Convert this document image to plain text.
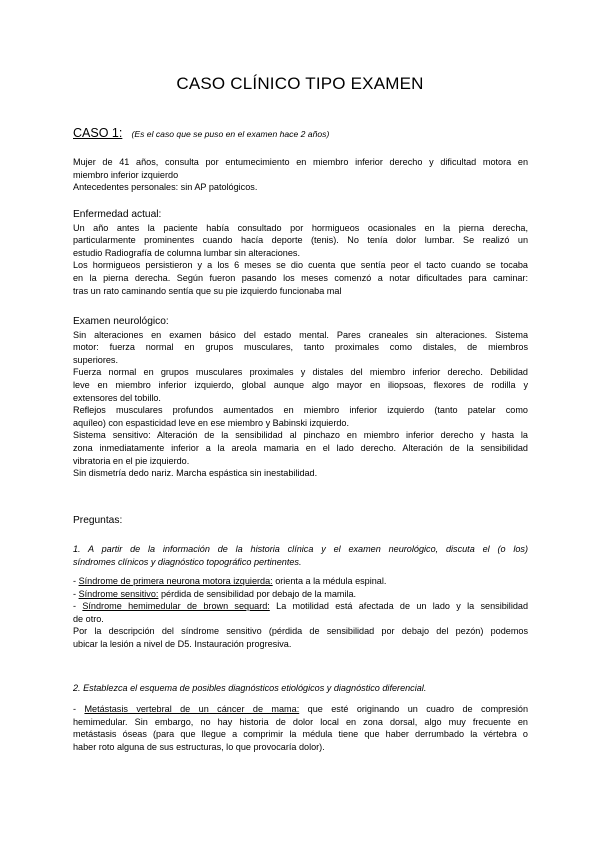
CASO CLÍNICO TIPO EXAMEN
CASO 1: (Es el caso que se puso en el examen hace 2 años)
Mujer de 41 años, consulta por entumecimiento en miembro inferior derecho y dificultad motora en
miembro inferior izquierdo
Antecedentes personales: sin AP patológicos.
Enfermedad actual:
Un año antes la paciente había consultado por hormigueos ocasionales en la pierna derecha,
particularmente prominentes cuando hacía deporte (tenis). No tenía dolor lumbar. Se realizó un
estudio Radiografía de columna lumbar sin alteraciones.
Los hormigueos persistieron y a los 6 meses se dio cuenta que sentía peor el tacto cuando se tocaba
en la pierna derecha. Según fueron pasando los meses comenzó a notar dificultades para caminar:
tras un rato caminando sentía que su pie izquierdo funcionaba mal
Examen neurológico:
Sin alteraciones en examen básico del estado mental. Pares craneales sin alteraciones. Sistema
motor: fuerza normal en grupos musculares, tanto proximales como distales, de miembros
superiores.
Fuerza normal en grupos musculares proximales y distales del miembro inferior derecho. Debilidad
leve en miembro inferior izquierdo, global aunque algo mayor en iliopsoas, flexores de rodilla y
extensores del tobillo.
Reflejos musculares profundos aumentados en miembro inferior izquierdo (tanto patelar como
aquíleo) con espasticidad leve en ese miembro y Babinski izquierdo.
Sistema sensitivo: Alteración de la sensibilidad al pinchazo en miembro inferior derecho y hasta la
zona inmediatamente inferior a la areola mamaria en el lado derecho. Alteración de la sensibilidad
vibratoria en el pie izquierdo.
Sin dismetría dedo nariz. Marcha espástica sin inestabilidad.
Preguntas:
1. A partir de la información de la historia clínica y el examen neurológico, discuta el (o los)
síndromes clínicos y diagnóstico topográfico pertinentes.
- Síndrome de primera neurona motora izquierda: orienta a la médula espinal.
- Síndrome sensitivo: pérdida de sensibilidad por debajo de la mamila.
- Síndrome hemimedular de brown sequard: La motilidad está afectada de un lado y la sensibilidad
de otro.
Por la descripción del síndrome sensitivo (pérdida de sensibilidad por debajo del pezón) podemos
ubicar la lesión a nivel de D5. Instauración progresiva.
2. Establezca el esquema de posibles diagnósticos etiológicos y diagnóstico diferencial.
- Metástasis vertebral de un cáncer de mama: que esté originando un cuadro de compresión
hemimedular. Sin embargo, no hay historia de dolor local en zona dorsal, algo muy frecuente en
metástasis óseas (para que llegue a comprimir la médula tiene que haber derrumbado la vértebra o
haber roto alguna de sus estructuras, lo que provocaría dolor).
